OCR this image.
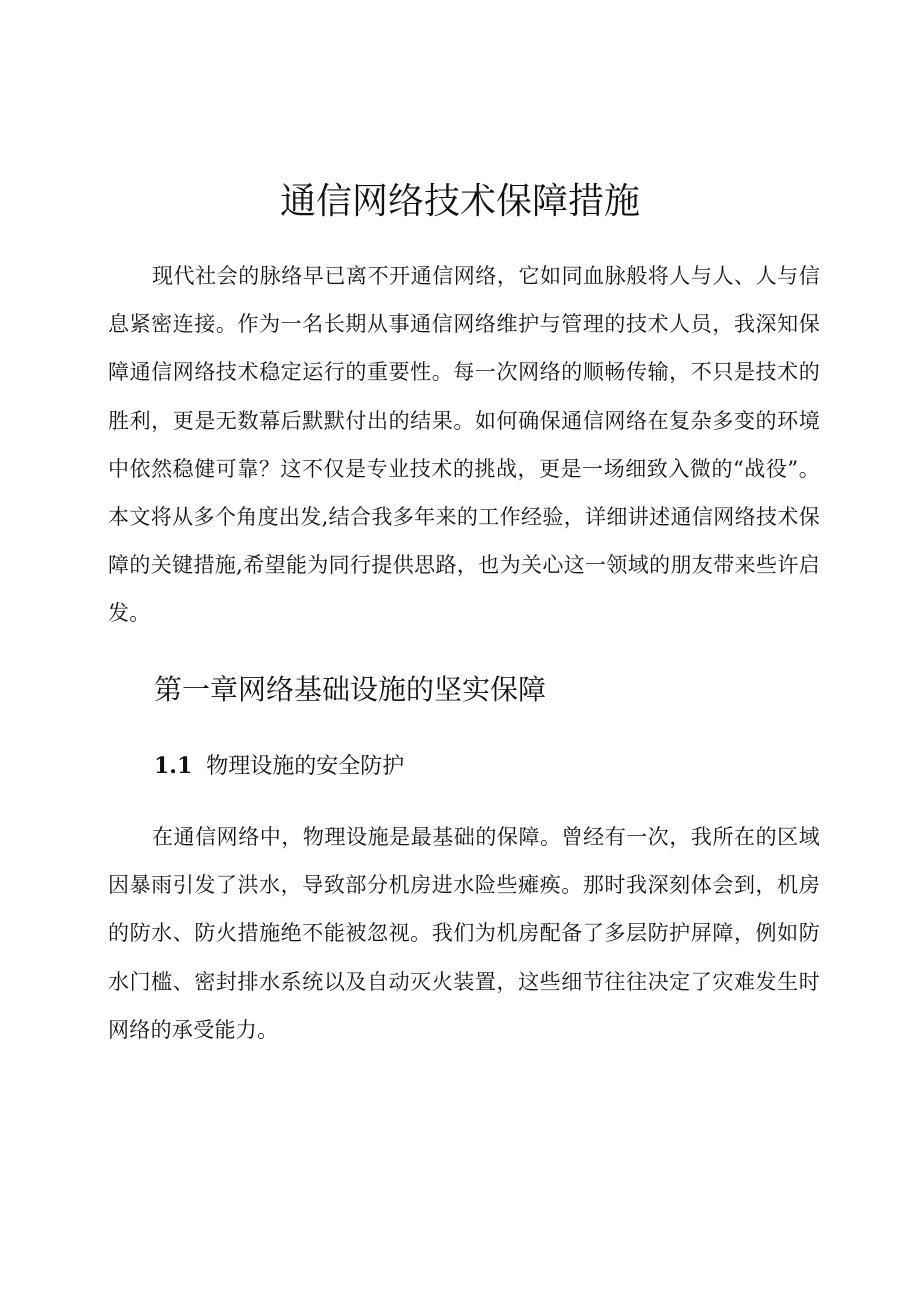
通信网络技术保障措施

现代社会的脉络早已离不开通信网络，它如同血脉般将人与人、人与信息紧密连接。作为一名长期从事通信网络维护与管理的技术人员，我深知保障通信网络技术稳定运行的重要性。每一次网络的顺畅传输，不只是技术的胜利，更是无数幕后默默付出的结果。如何确保通信网络在复杂多变的环境中依然稳健可靠？这不仅是专业技术的挑战，更是一场细致入微的“战役”。本文将从多个角度出发,结合我多年来的工作经验，详细讲述通信网络技术保障的关键措施,希望能为同行提供思路，也为关心这一领域的朋友带来些许启发。

第一章网络基础设施的坚实保障
1.1 物理设施的安全防护

在通信网络中，物理设施是最基础的保障。曾经有一次，我所在的区域因暴雨引发了洪水，导致部分机房进水险些瘫痪。那时我深刻体会到，机房的防水、防火措施绝不能被忽视。我们为机房配备了多层防护屏障，例如防水门槛、密封排水系统以及自动灭火装置，这些细节往往决定了灾难发生时网络的承受能力。
